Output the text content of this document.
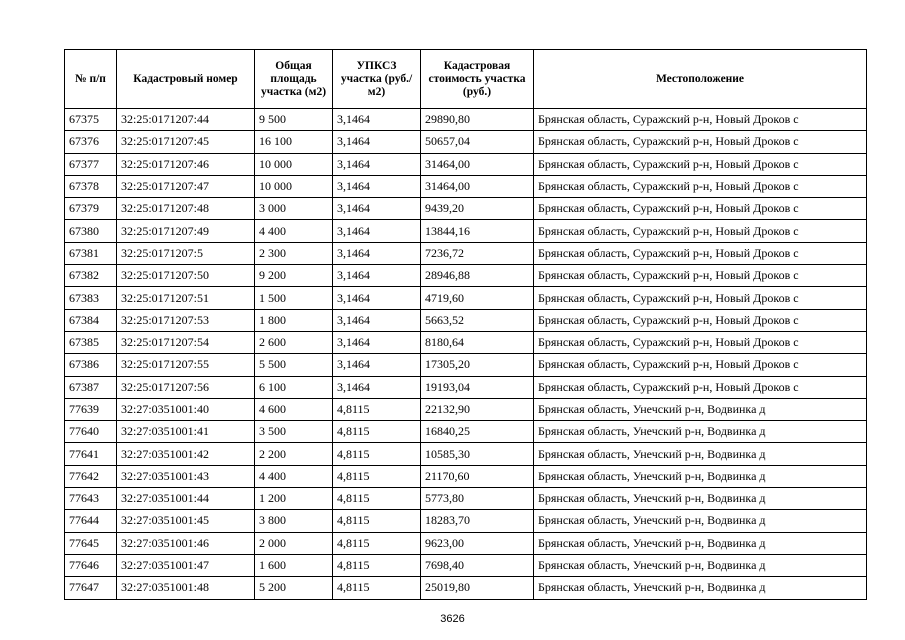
№ п/п	Кадастровый номер	Общая площадь участка (м2)	УПКСЗ участка (руб./м2)	Кадастровая стоимость участка (руб.)	Местоположение
67375	32:25:0171207:44	9 500	3,1464	29890,80	Брянская область, Суражский р-н, Новый Дроков с
67376	32:25:0171207:45	16 100	3,1464	50657,04	Брянская область, Суражский р-н, Новый Дроков с
67377	32:25:0171207:46	10 000	3,1464	31464,00	Брянская область, Суражский р-н, Новый Дроков с
67378	32:25:0171207:47	10 000	3,1464	31464,00	Брянская область, Суражский р-н, Новый Дроков с
67379	32:25:0171207:48	3 000	3,1464	9439,20	Брянская область, Суражский р-н, Новый Дроков с
67380	32:25:0171207:49	4 400	3,1464	13844,16	Брянская область, Суражский р-н, Новый Дроков с
67381	32:25:0171207:5	2 300	3,1464	7236,72	Брянская область, Суражский р-н, Новый Дроков с
67382	32:25:0171207:50	9 200	3,1464	28946,88	Брянская область, Суражский р-н, Новый Дроков с
67383	32:25:0171207:51	1 500	3,1464	4719,60	Брянская область, Суражский р-н, Новый Дроков с
67384	32:25:0171207:53	1 800	3,1464	5663,52	Брянская область, Суражский р-н, Новый Дроков с
67385	32:25:0171207:54	2 600	3,1464	8180,64	Брянская область, Суражский р-н, Новый Дроков с
67386	32:25:0171207:55	5 500	3,1464	17305,20	Брянская область, Суражский р-н, Новый Дроков с
67387	32:25:0171207:56	6 100	3,1464	19193,04	Брянская область, Суражский р-н, Новый Дроков с
77639	32:27:0351001:40	4 600	4,8115	22132,90	Брянская область, Унечский р-н, Водвинка д
77640	32:27:0351001:41	3 500	4,8115	16840,25	Брянская область, Унечский р-н, Водвинка д
77641	32:27:0351001:42	2 200	4,8115	10585,30	Брянская область, Унечский р-н, Водвинка д
77642	32:27:0351001:43	4 400	4,8115	21170,60	Брянская область, Унечский р-н, Водвинка д
77643	32:27:0351001:44	1 200	4,8115	5773,80	Брянская область, Унечский р-н, Водвинка д
77644	32:27:0351001:45	3 800	4,8115	18283,70	Брянская область, Унечский р-н, Водвинка д
77645	32:27:0351001:46	2 000	4,8115	9623,00	Брянская область, Унечский р-н, Водвинка д
77646	32:27:0351001:47	1 600	4,8115	7698,40	Брянская область, Унечский р-н, Водвинка д
77647	32:27:0351001:48	5 200	4,8115	25019,80	Брянская область, Унечский р-н, Водвинка д
3626
